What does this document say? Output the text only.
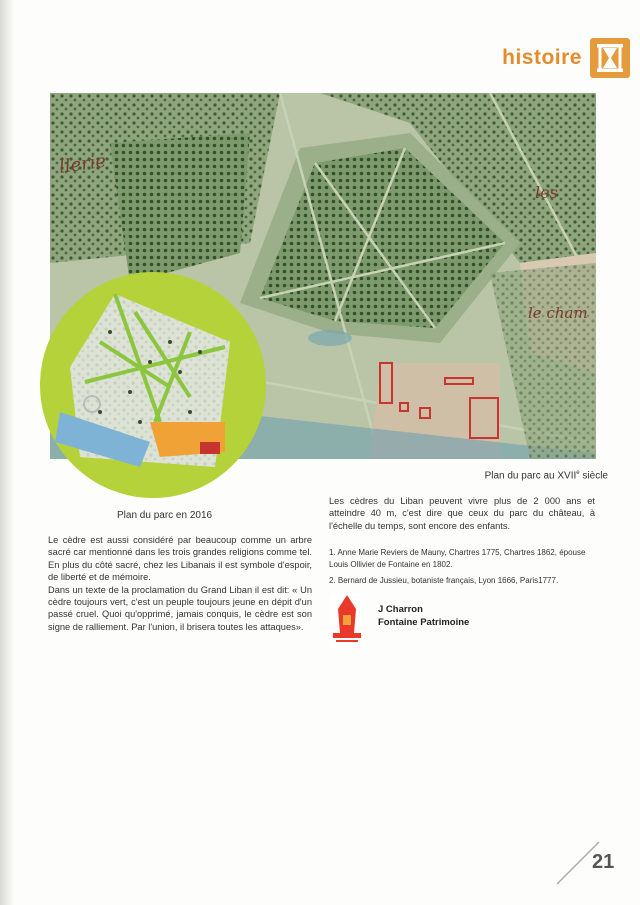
histoire
llerie
les
le cham
Plan du parc au XVIIe siècle
Plan du parc en 2016

Le cèdre est aussi considéré par beaucoup comme un arbre sacré car mentionné dans les trois grandes religions comme tel. En plus du côté sacré, chez les Libanais il est symbole d'espoir, de liberté et de mémoire.

Dans un texte de la proclamation du Grand Liban il est dit: « Un cèdre toujours vert, c'est un peuple toujours jeune en dépit d'un passé cruel. Quoi qu'opprimé, jamais conquis, le cèdre est son signe de ralliement. Par l'union, il brisera toutes les attaques».

Les cèdres du Liban peuvent vivre plus de 2 000 ans et atteindre 40 m, c'est dire que ceux du parc du château, à l'échelle du temps, sont encore des enfants.

1. Anne Marie Reviers de Mauny, Chartres 1775, Chartres 1862, épouse Louis Ollivier de Fontaine en 1802.

2. Bernard de Jussieu, botaniste français, Lyon 1666, Paris1777.

J Charron
Fontaine Patrimoine
21
